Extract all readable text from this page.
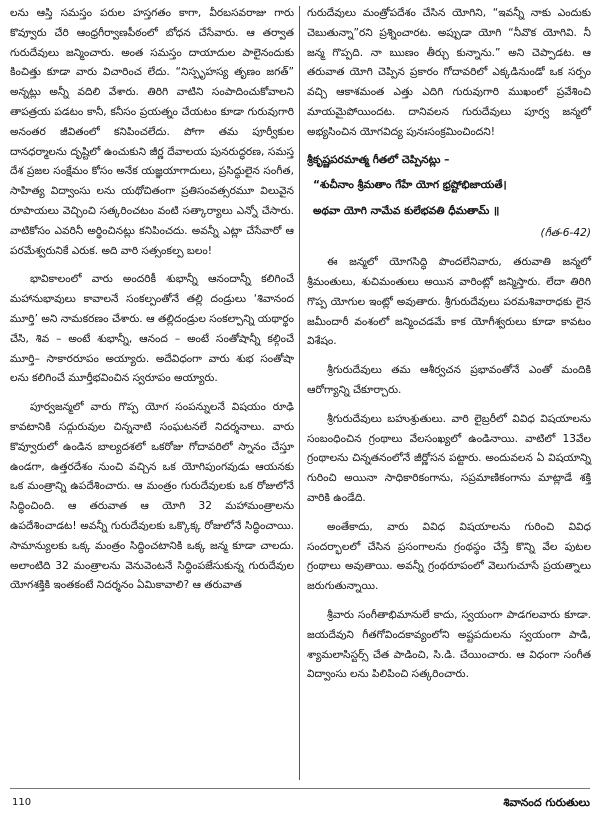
లను ఆస్తి సమస్తం పరుల హస్తగతం కాగా, వీరబసవరాజు గారు కొవ్వూరు చేరి ఆంధ్రగీర్వాణపీఠంలో బోధన చేసేవారు. ఆ తర్వాత గురుదేవులు జన్మించారు. అంత సమస్తం దాయాదుల పాలైనందుకు కించిత్తు కూడా వారు విచారించ లేదు. “నిస్పృహస్య తృణం జగత్” అన్నట్లు అన్నీ వదిలి వేశారు. తిరిగి వాటిని సంపాదించుకోవాలని తాపత్రయ పడటం కానీ, కనీసం ప్రయత్నం చేయటం కూడా గురువుగారి అనంతర జీవితంలో కనిపించలేదు. పోగా తమ పూర్వీకుల దానధర్మాలను దృష్టిలో ఉంచుకుని జీర్ణ దేవాలయ పునరుద్ధరణ, సమస్త దేశ ప్రజల సంక్షేమం కోసం అనేక యజ్ఞయాగాదులు, ప్రసిద్ధులైన సంగీత, సాహిత్య విద్వాంసు లను యథోచితంగా ప్రతిసంవత్సరమూ విలువైన రూపాయలు వెచ్చించి సత్కరించటం వంటి సత్కార్యాలు ఎన్నో చేసారు. వాటికోసం ఎవరినీ అర్థించినట్లు కనిపించదు. అవన్నీ ఎట్లా చేసేవారో ఆ పరమేశ్వరునికే ఎరుక. అది వారి సత్సంకల్ప బలం!

భావికాలంలో వారు అందరికీ శుభాన్నీ ఆనందాన్నీ కలిగించే మహానుభావులు కావాలనే సంకల్పంతోనే తల్లి దండ్రులు ‘శివానంద మూర్తి’ అని నామకరణం చేశారు. ఆ తల్లిదండ్రుల సంకల్పాన్ని యథార్థం చేసి, శివ – అంటే శుభాన్నీ, ఆనంద – అంటే సంతోషాన్నీ కల్గించే మూర్తి– సాకారరూపం అయ్యారు. అదేవిధంగా వారు శుభ సంతోషా లను కలిగించే మూర్తీభవించిన స్వరూపం అయ్యారు.

పూర్వజన్మలో వారు గొప్ప యోగ సంపన్నులనే విషయం రూఢి కావటానికి సద్గురువుల చిన్ననాటి సంఘటనలే నిదర్శనాలు. వారు కొవ్వూరులో ఉండిన బాల్యదశలో ఒకరోజు గోదావరిలో స్నానం చేస్తూ ఉండగా, ఉత్తరదేశం నుంచి వచ్చిన ఒక యోగిపుంగవుడు ఆయనకు ఒక మంత్రాన్ని ఉపదేశించారు. ఆ మంత్రం గురుదేవులకు ఒక రోజులోనే సిద్ధించింది. ఆ తరువాత ఆ యోగి 32 మహామంత్రాలను ఉపదేశించాడట! అవన్నీ గురుదేవులకు ఒక్కొక్క రోజులోనే సిద్ధించాయి. సామాన్యులకు ఒక్క మంత్రం సిద్ధించటానికి ఒక్క జన్మ కూడా చాలదు. అలాంటిది 32 మంత్రాలను వెనువెంటనే సిద్ధింపజేసుకున్న గురుదేవుల యోగశక్తికి ఇంతకంటే నిదర్శనం ఏమికావాలి? ఆ తరువాత

గురుదేవులు మంత్రోపదేశం చేసిన యోగిని, “ఇవన్నీ నాకు ఎందుకు చెబుతున్నా”రని ప్రశ్నించారట. అప్పుడా యోగి “నీవొక యోగివి. నీ జన్మ గొప్పది. నా ఋణం తీర్చు కున్నాను.” అని చెప్పాడట. ఆ తరువాత యోగి చెప్పిన ప్రకారం గోదావరిలో ఎక్కడినుండో ఒక సర్పం వచ్చి ఆకాశమంత ఎత్తు ఎదిగి గురువుగారి ముఖంలో ప్రవేశించి మాయమైపోయిందట. దానివలన గురుదేవులు పూర్వ జన్మలో అభ్యసించిన యోగవిద్య పునఃసంక్రమించిందని!

శ్రీకృష్ణపరమాత్మ గీతలో చెప్పినట్లు –

“శుచీనాం శ్రీమతాం గేహే యోగ భ్రష్టోభిజాయతే।

అథవా యోగి నామేవ కులేభవతి ధీమతామ్ ॥

(గీత-6-42)

ఈ జన్మలో యోగసిద్ధి పొందలేనివారు, తరువాతి జన్మలో శ్రీమంతులు, శుచిమంతులు అయిన వారింట్లో జన్మిస్తారు. లేదా తిరిగి గొప్ప యోగుల ఇంట్లో అవుతారు. శ్రీగురుదేవులు పరమశివారాధకు లైన జమీందారీ వంశంలో జన్మించడమే కాక యోగీశ్వరులు కూడా కావటం విశేషం.

శ్రీగురుదేవులు తమ ఆశీర్వచన ప్రభావంతోనే ఎంతో మందికి ఆరోగ్యాన్ని చేకూర్చారు.

శ్రీగురుదేవులు బహుశ్రుతులు. వారి లైబ్రరీలో వివిధ విషయాలను సంబంధించిన గ్రంథాలు వేలసంఖ్యలో ఉండినాయి. వాటిలో 13వేల గ్రంథాలను చిన్నతనంలోనే జీర్ణోసన పట్టారు. అందువలన ఏ విషయాన్ని గురించి అయినా సాధికారికంగాను, సప్రమాణికంగాను మాట్లాడే శక్తి వారికి ఉండేది.

అంతేకాదు, వారు వివిధ విషయాలను గురించి వివిధ సందర్భాలలో చేసిన ప్రసంగాలను గ్రంథస్థం చేస్తే కొన్ని వేల పుటల గ్రంథాలు అవుతాయి. అవన్నీ గ్రంథరూపంలో వెలుగుచూసే ప్రయత్నాలు జరుగుతున్నాయి.

శ్రీవారు సంగీతాభిమానులే కాదు, స్వయంగా పాడగలవారు కూడా. జయదేవుని గీతగోవిందకావ్యంలోని అష్టపదులను స్వయంగా పాడి, శ్యామలాసిస్టర్స్ చేత పాడించి, సి.డి. చేయించారు. ఆ విధంగా సంగీత విద్వాంసు లను పిలిపించి సత్కరించారు.

110	శివానంద గురుతులు
